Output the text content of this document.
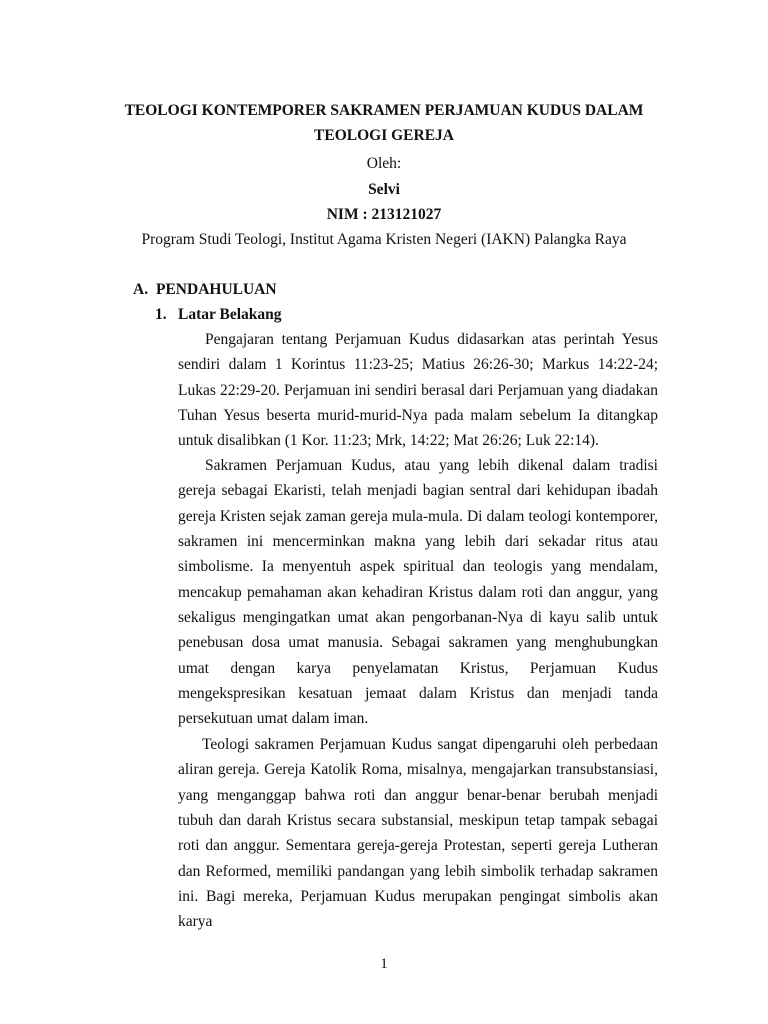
TEOLOGI KONTEMPORER SAKRAMEN PERJAMUAN KUDUS DALAM
TEOLOGI GEREJA
Oleh:
Selvi
NIM : 213121027
Program Studi Teologi, Institut Agama Kristen Negeri (IAKN) Palangka Raya
A. PENDAHULUAN
1. Latar Belakang

Pengajaran tentang Perjamuan Kudus didasarkan atas perintah Yesus sendiri dalam 1 Korintus 11:23-25; Matius 26:26-30; Markus 14:22-24; Lukas 22:29-20. Perjamuan ini sendiri berasal dari Perjamuan yang diadakan Tuhan Yesus beserta murid-murid-Nya pada malam sebelum Ia ditangkap untuk disalibkan (1 Kor. 11:23; Mrk, 14:22; Mat 26:26; Luk 22:14).

Sakramen Perjamuan Kudus, atau yang lebih dikenal dalam tradisi gereja sebagai Ekaristi, telah menjadi bagian sentral dari kehidupan ibadah gereja Kristen sejak zaman gereja mula-mula. Di dalam teologi kontemporer, sakramen ini mencerminkan makna yang lebih dari sekadar ritus atau simbolisme. Ia menyentuh aspek spiritual dan teologis yang mendalam, mencakup pemahaman akan kehadiran Kristus dalam roti dan anggur, yang sekaligus mengingatkan umat akan pengorbanan-Nya di kayu salib untuk penebusan dosa umat manusia. Sebagai sakramen yang menghubungkan umat dengan karya penyelamatan Kristus, Perjamuan Kudus mengekspresikan kesatuan jemaat dalam Kristus dan menjadi tanda persekutuan umat dalam iman.

Teologi sakramen Perjamuan Kudus sangat dipengaruhi oleh perbedaan aliran gereja. Gereja Katolik Roma, misalnya, mengajarkan transubstansiasi, yang menganggap bahwa roti dan anggur benar-benar berubah menjadi tubuh dan darah Kristus secara substansial, meskipun tetap tampak sebagai roti dan anggur. Sementara gereja-gereja Protestan, seperti gereja Lutheran dan Reformed, memiliki pandangan yang lebih simbolik terhadap sakramen ini. Bagi mereka, Perjamuan Kudus merupakan pengingat simbolis akan karya

1
